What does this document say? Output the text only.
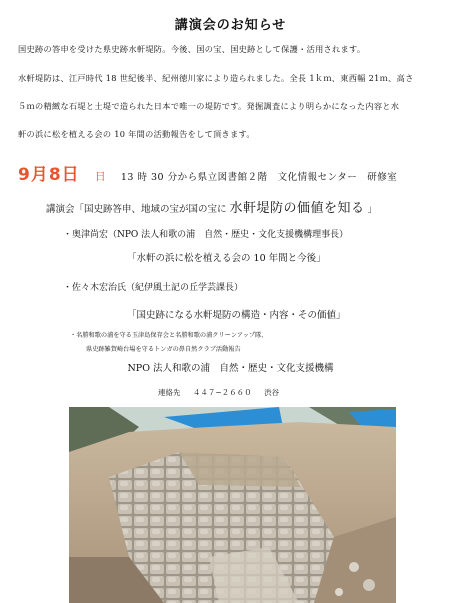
講演会のお知らせ
国史跡の答申を受けた県史跡水軒堤防。今後、国の宝、国史跡として保護・活用されます。
水軒堤防は、江戸時代 18 世紀後半、紀州徳川家により造られました。全長 1ｋｍ、東西幅 21ｍ、高さ
５ｍの精緻な石堤と土堤で造られた日本で唯一の堤防です。発掘調査により明らかになった内容と水
軒の浜に松を植える会の 10 年間の活動報告をして頂きます。
9月8日 日 13 時 30 分から県立図書館２階　文化情報センター　研修室
講演会「国史跡答申、地域の宝が国の宝に 水軒堤防の価値を知る 」
・奥津尚宏（NPO 法人和歌の浦　自然・歴史・文化支援機構理事長）
「水軒の浜に松を植える会の 10 年間と今後」
・佐々木宏治氏（紀伊風土記の丘学芸課長）
「国史跡になる水軒堤防の構造・内容・その価値」
・名勝和歌の浦を守る玉津島保存会と名勝和歌の浦クリーンアップ隊、
県史跡雑賀崎台場を守るトンガの鼻自然クラブ活動報告
NPO 法人和歌の浦　自然・歴史・文化支援機構
連絡先 ４４７−２６６０ 渋谷
